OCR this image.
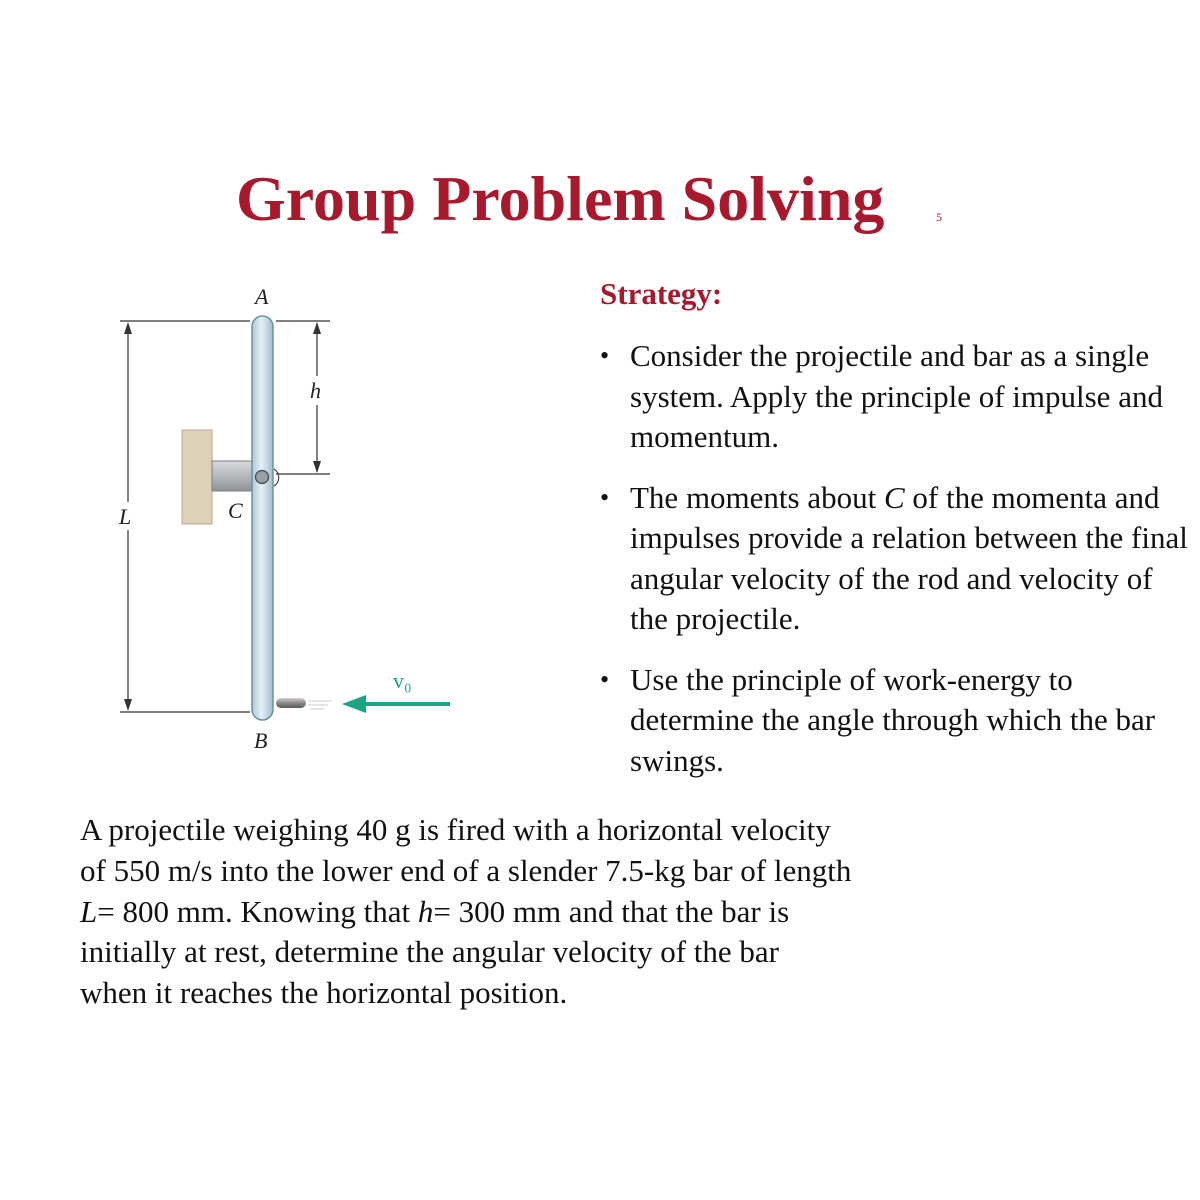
Group Problem Solving	5
A
B
C
L
h
v₀
Strategy:
• Consider the projectile and bar as a single system. Apply the principle of impulse and momentum.
• The moments about C of the momenta and impulses provide a relation between the final angular velocity of the rod and velocity of the projectile.
• Use the principle of work-energy to determine the angle through which the bar swings.
A projectile weighing 40 g is fired with a horizontal velocity
of 550 m/s into the lower end of a slender 7.5-kg bar of length
L= 800 mm. Knowing that h= 300 mm and that the bar is
initially at rest, determine the angular velocity of the bar
when it reaches the horizontal position.
